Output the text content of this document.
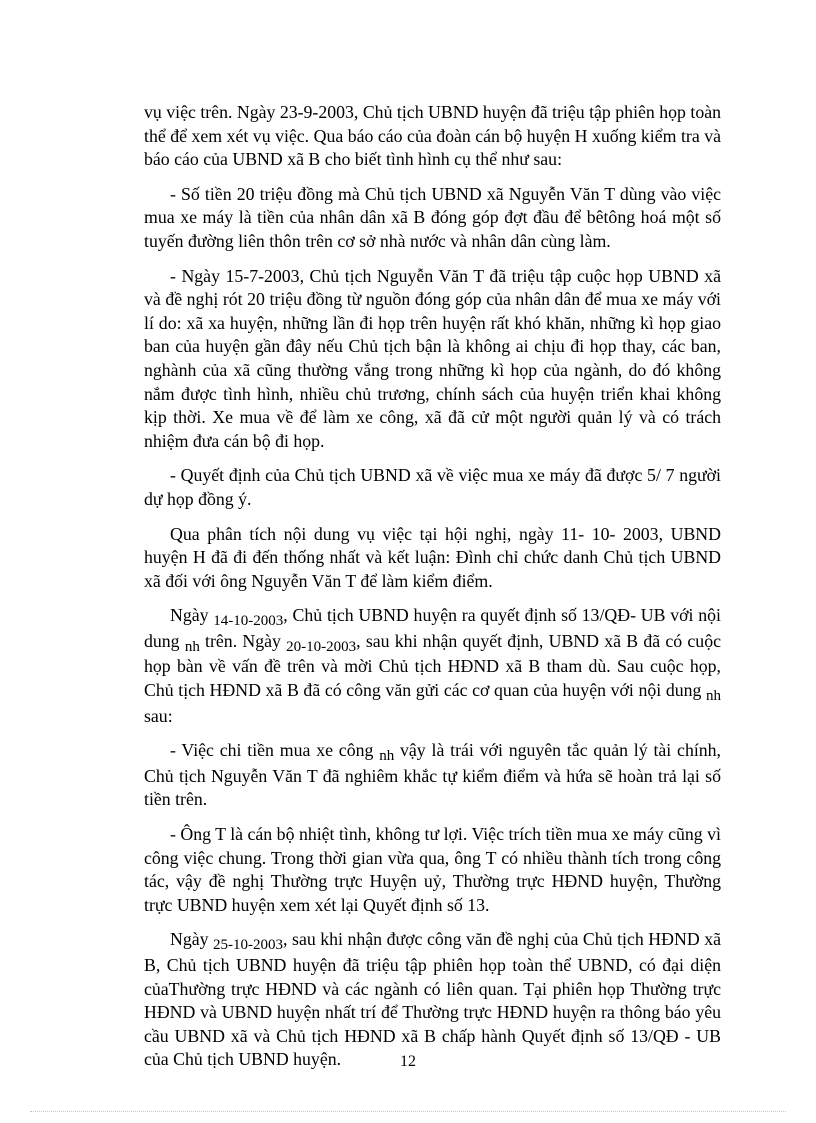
vụ việc trên. Ngày 23-9-2003, Chủ tịch UBND huyện đã triệu tập phiên họp toàn thể để xem xét vụ việc. Qua báo cáo của đoàn cán bộ huyện H xuống kiểm tra và báo cáo của UBND xã B cho biết tình hình cụ thể như sau:

- Số tiền 20 triệu đồng mà Chủ tịch UBND xã Nguyễn Văn T dùng vào việc mua xe máy là tiền của nhân dân xã B đóng góp đợt đầu để bêtông hoá một số tuyến đường liên thôn trên cơ sở nhà nước và nhân dân cùng làm.

- Ngày 15-7-2003, Chủ tịch Nguyễn Văn T đã triệu tập cuộc họp UBND xã và đề nghị rót 20 triệu đồng từ nguồn đóng góp của nhân dân để mua xe máy với lí do: xã xa huyện, những lần đi họp trên huyện rất khó khăn, những kì họp giao ban của huyện gần đây nếu Chủ tịch bận là không ai chịu đi họp thay, các ban, nghành của xã cũng thường vắng trong những kì họp của ngành, do đó không nắm được tình hình, nhiều chủ trương, chính sách của huyện triển khai không kịp thời. Xe mua về để làm xe công, xã đã cử một người quản lý và có trách nhiệm đưa cán bộ đi họp.

- Quyết định của Chủ tịch UBND xã về việc mua xe máy đã được 5/ 7 người dự họp đồng ý.

Qua phân tích nội dung vụ việc tại hội nghị, ngày 11- 10- 2003, UBND huyện H đã đi đến thống nhất và kết luận: Đình chỉ chức danh Chủ tịch UBND xã đối với ông Nguyễn Văn T để làm kiểm điểm.

Ngày $_{14-10-2003}$, Chủ tịch UBND huyện ra quyết định số 13/QĐ- UB với nội dung $_{nh}$ trên. Ngày $_{20-10-2003}$, sau khi nhận quyết định, UBND xã B đã có cuộc họp bàn về vấn đề trên và mời Chủ tịch HĐND xã B tham dù. Sau cuộc họp, Chủ tịch HĐND xã B đã có công văn gửi các cơ quan của huyện với nội dung $_{nh}$ sau:

- Việc chi tiền mua xe công $_{nh}$ vậy là trái với nguyên tắc quản lý tài chính, Chủ tịch Nguyễn Văn T đã nghiêm khắc tự kiểm điểm và hứa sẽ hoàn trả lại số tiền trên.

- Ông T là cán bộ nhiệt tình, không tư lợi. Việc trích tiền mua xe máy cũng vì công việc chung. Trong thời gian vừa qua, ông T có nhiều thành tích trong công tác, vậy đề nghị Thường trực Huyện uỷ, Thường trực HĐND huyện, Thường trực UBND huyện xem xét lại Quyết định số 13.

Ngày $_{25-10-2003}$, sau khi nhận được công văn đề nghị của Chủ tịch HĐND xã B, Chủ tịch UBND huyện đã triệu tập phiên họp toàn thể UBND, có đại diện củaThường trực HĐND và các ngành có liên quan. Tại phiên họp Thường trực HĐND và UBND huyện nhất trí để Thường trực HĐND huyện ra thông báo yêu cầu UBND xã và Chủ tịch HĐND xã B chấp hành Quyết định số 13/QĐ - UB của Chủ tịch UBND huyện.	12
